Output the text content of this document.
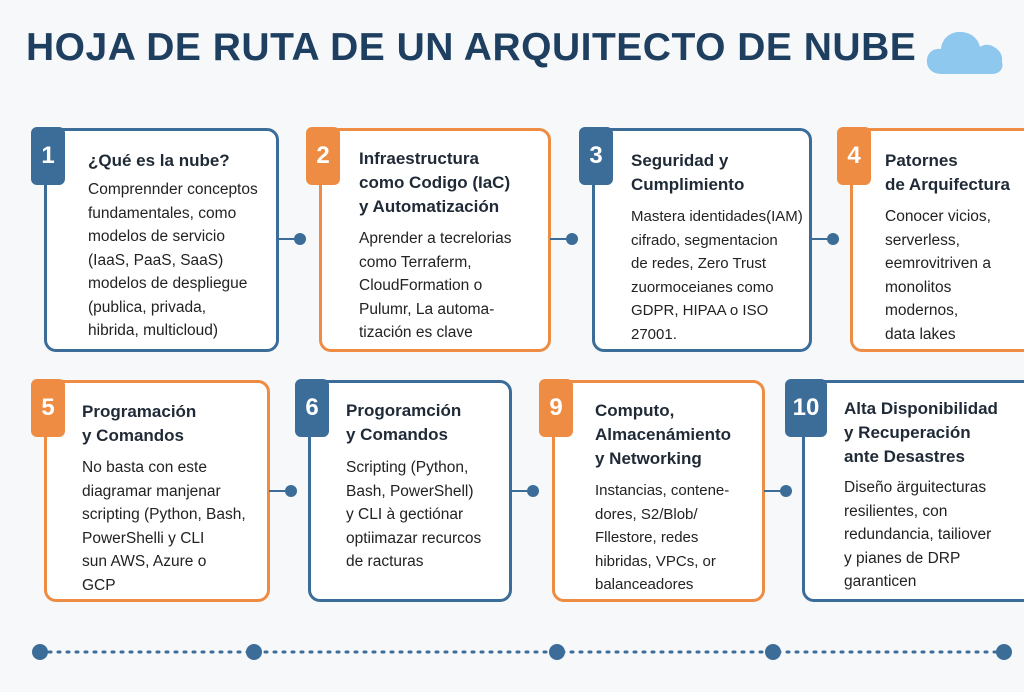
HOJA DE RUTA DE UN ARQUITECTO DE NUBE
1	¿Qué es la nube?
Comprennder conceptos
fundamentales, como
modelos de servicio
(IaaS, PaaS, SaaS)
modelos de despliegue
(publica, privada,
hibrida, multicloud)
2	Infraestructura
como Codigo (IaC)
y Automatización
Aprender a tecrelorias
como Terraferm,
CloudFormation o
Pulumr, La automa-
tización es clave
3	Seguridad y
Cumplimiento
Mastera identidades(IAM)
cifrado, segmentacion
de redes, Zero Trust
zuormoceianes como
GDPR, HIPAA o ISO
27001.
4	Patornes
de Arquifectura
Conocer vicios,
serverless,
eemrovitriven a
monolitos
modernos,
data lakes
5	Programación
y Comandos
No basta con este
diagramar manjenar
scripting (Python, Bash,
PowerShelli y CLI
sun AWS, Azure o
GCP
6	Progoramción
y Comandos
Scripting (Python,
Bash, PowerShell)
y CLI à gectiónar
optiimazar recurcos
de racturas
9	Computo,
Almacenámiento
y Networking
Instancias, contene-
dores, S2/Blob/
Fllestore, redes
hibridas, VPCs, or
balanceadores
10	Alta Disponibilidad
y Recuperación
ante Desastres
Diseño ärguitecturas
resilientes, con
redundancia, tailiover
y pianes de DRP
garanticen
